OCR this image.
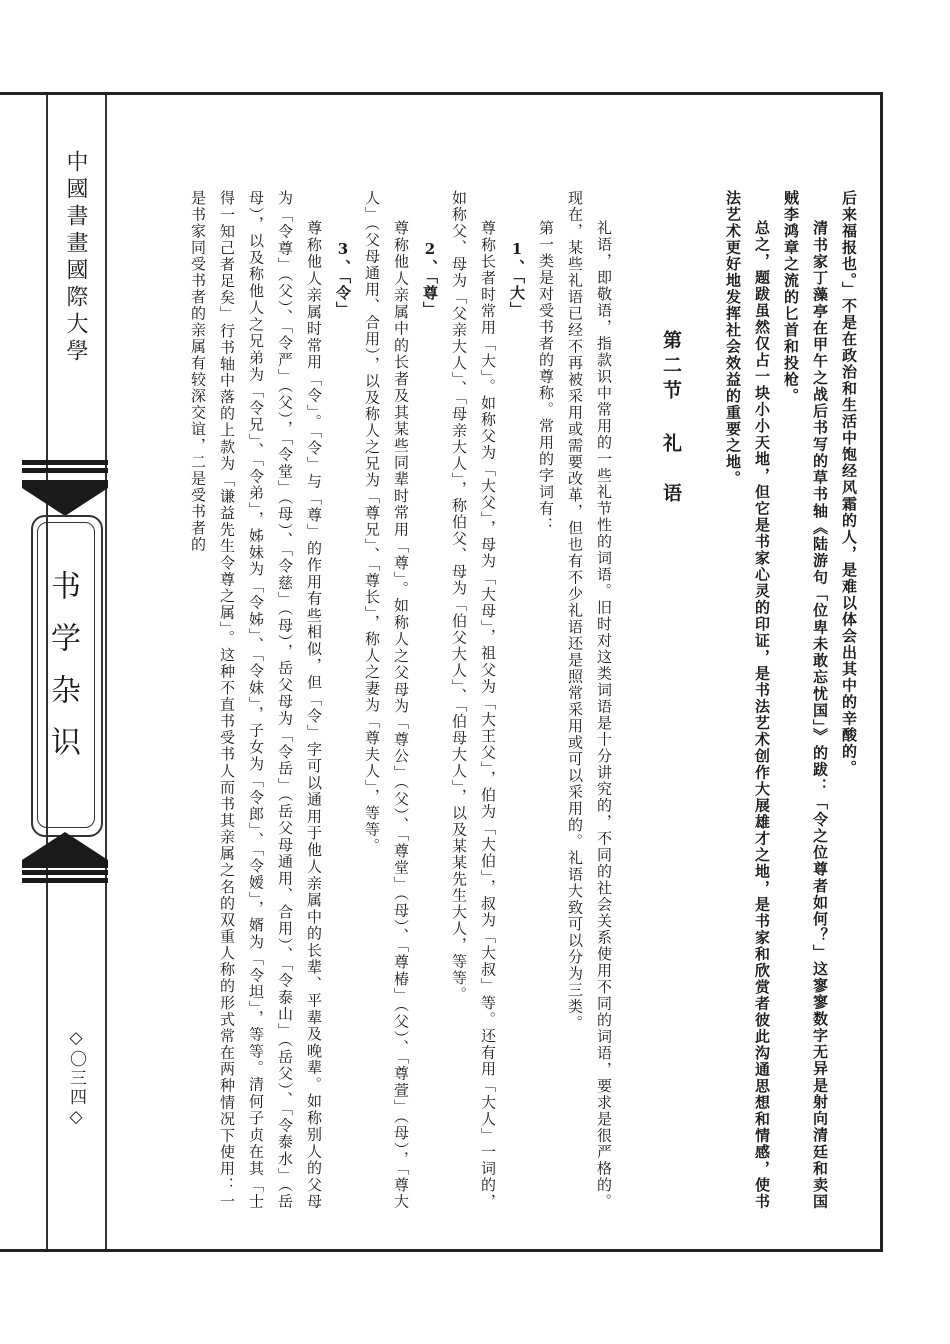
中國書畫國際大學
书学杂识
◇〇三四◇

后来福报也。」不是在政治和生活中饱经风霜的人，是难以体会出其中的辛酸的。

清书家丁藻亭在甲午之战后书写的草书轴《陆游句「位卑未敢忘忧国」》的跋：「令之位尊者如何？」这寥寥数字无异是射向清廷和卖国贼李鸿章之流的匕首和投枪。

总之，题跋虽然仅占一块小小天地，但它是书家心灵的印证，是书法艺术创作大展雄才之地，是书家和欣赏者彼此沟通思想和情感，使书法艺术更好地发挥社会效益的重要之地。

第二节礼　语

礼语，即敬语，指款识中常用的一些礼节性的词语。旧时对这类词语是十分讲究的，不同的社会关系使用不同的词语，要求是很严格的。现在，某些礼语已经不再被采用或需要改革，但也有不少礼语还是照常采用或可以采用的。礼语大致可以分为三类。

第一类是对受书者的尊称。常用的字词有：

1、「大」

尊称长者时常用「大」。如称父为「大父」，母为「大母」，祖父为「大王父」，伯为「大伯」，叔为「大叔」等。还有用「大人」一词的，如称父、母为「父亲大人」、「母亲大人」，称伯父、母为「伯父大人」、「伯母大人」，以及某某先生大人，等等。

2、「尊」

尊称他人亲属中的长者及其某些同辈时常用「尊」。如称人之父母为「尊公」（父）、「尊堂」（母）、「尊椿」（父）、「尊萱」（母），「尊大人」（父母通用、合用），以及称人之兄为「尊兄」、「尊长」，称人之妻为「尊夫人」，等等。

3、「令」

尊称他人亲属时常用「令」。「令」与「尊」的作用有些相似，但「令」字可以通用于他人亲属中的长辈、平辈及晚辈。如称别人的父母为「令尊」（父）、「令严」（父），「令堂」（母）、「令慈」（母），岳父母为「令岳」（岳父母通用、合用）、「令泰山」（岳父）、「令泰水」（岳母），以及称他人之兄弟为「令兄」、「令弟」，姊妹为「令姊」、「令妹」，子女为「令郎」、「令嫒」，婿为「令坦」，等等。清何子贞在其「士得一知己者足矣」行书轴中落的上款为「谦益先生令尊之属」。这种不直书受书人而书其亲属之名的双重人称的形式常在两种情况下使用：一是书家同受书者的亲属有较深交谊，二是受书者的
